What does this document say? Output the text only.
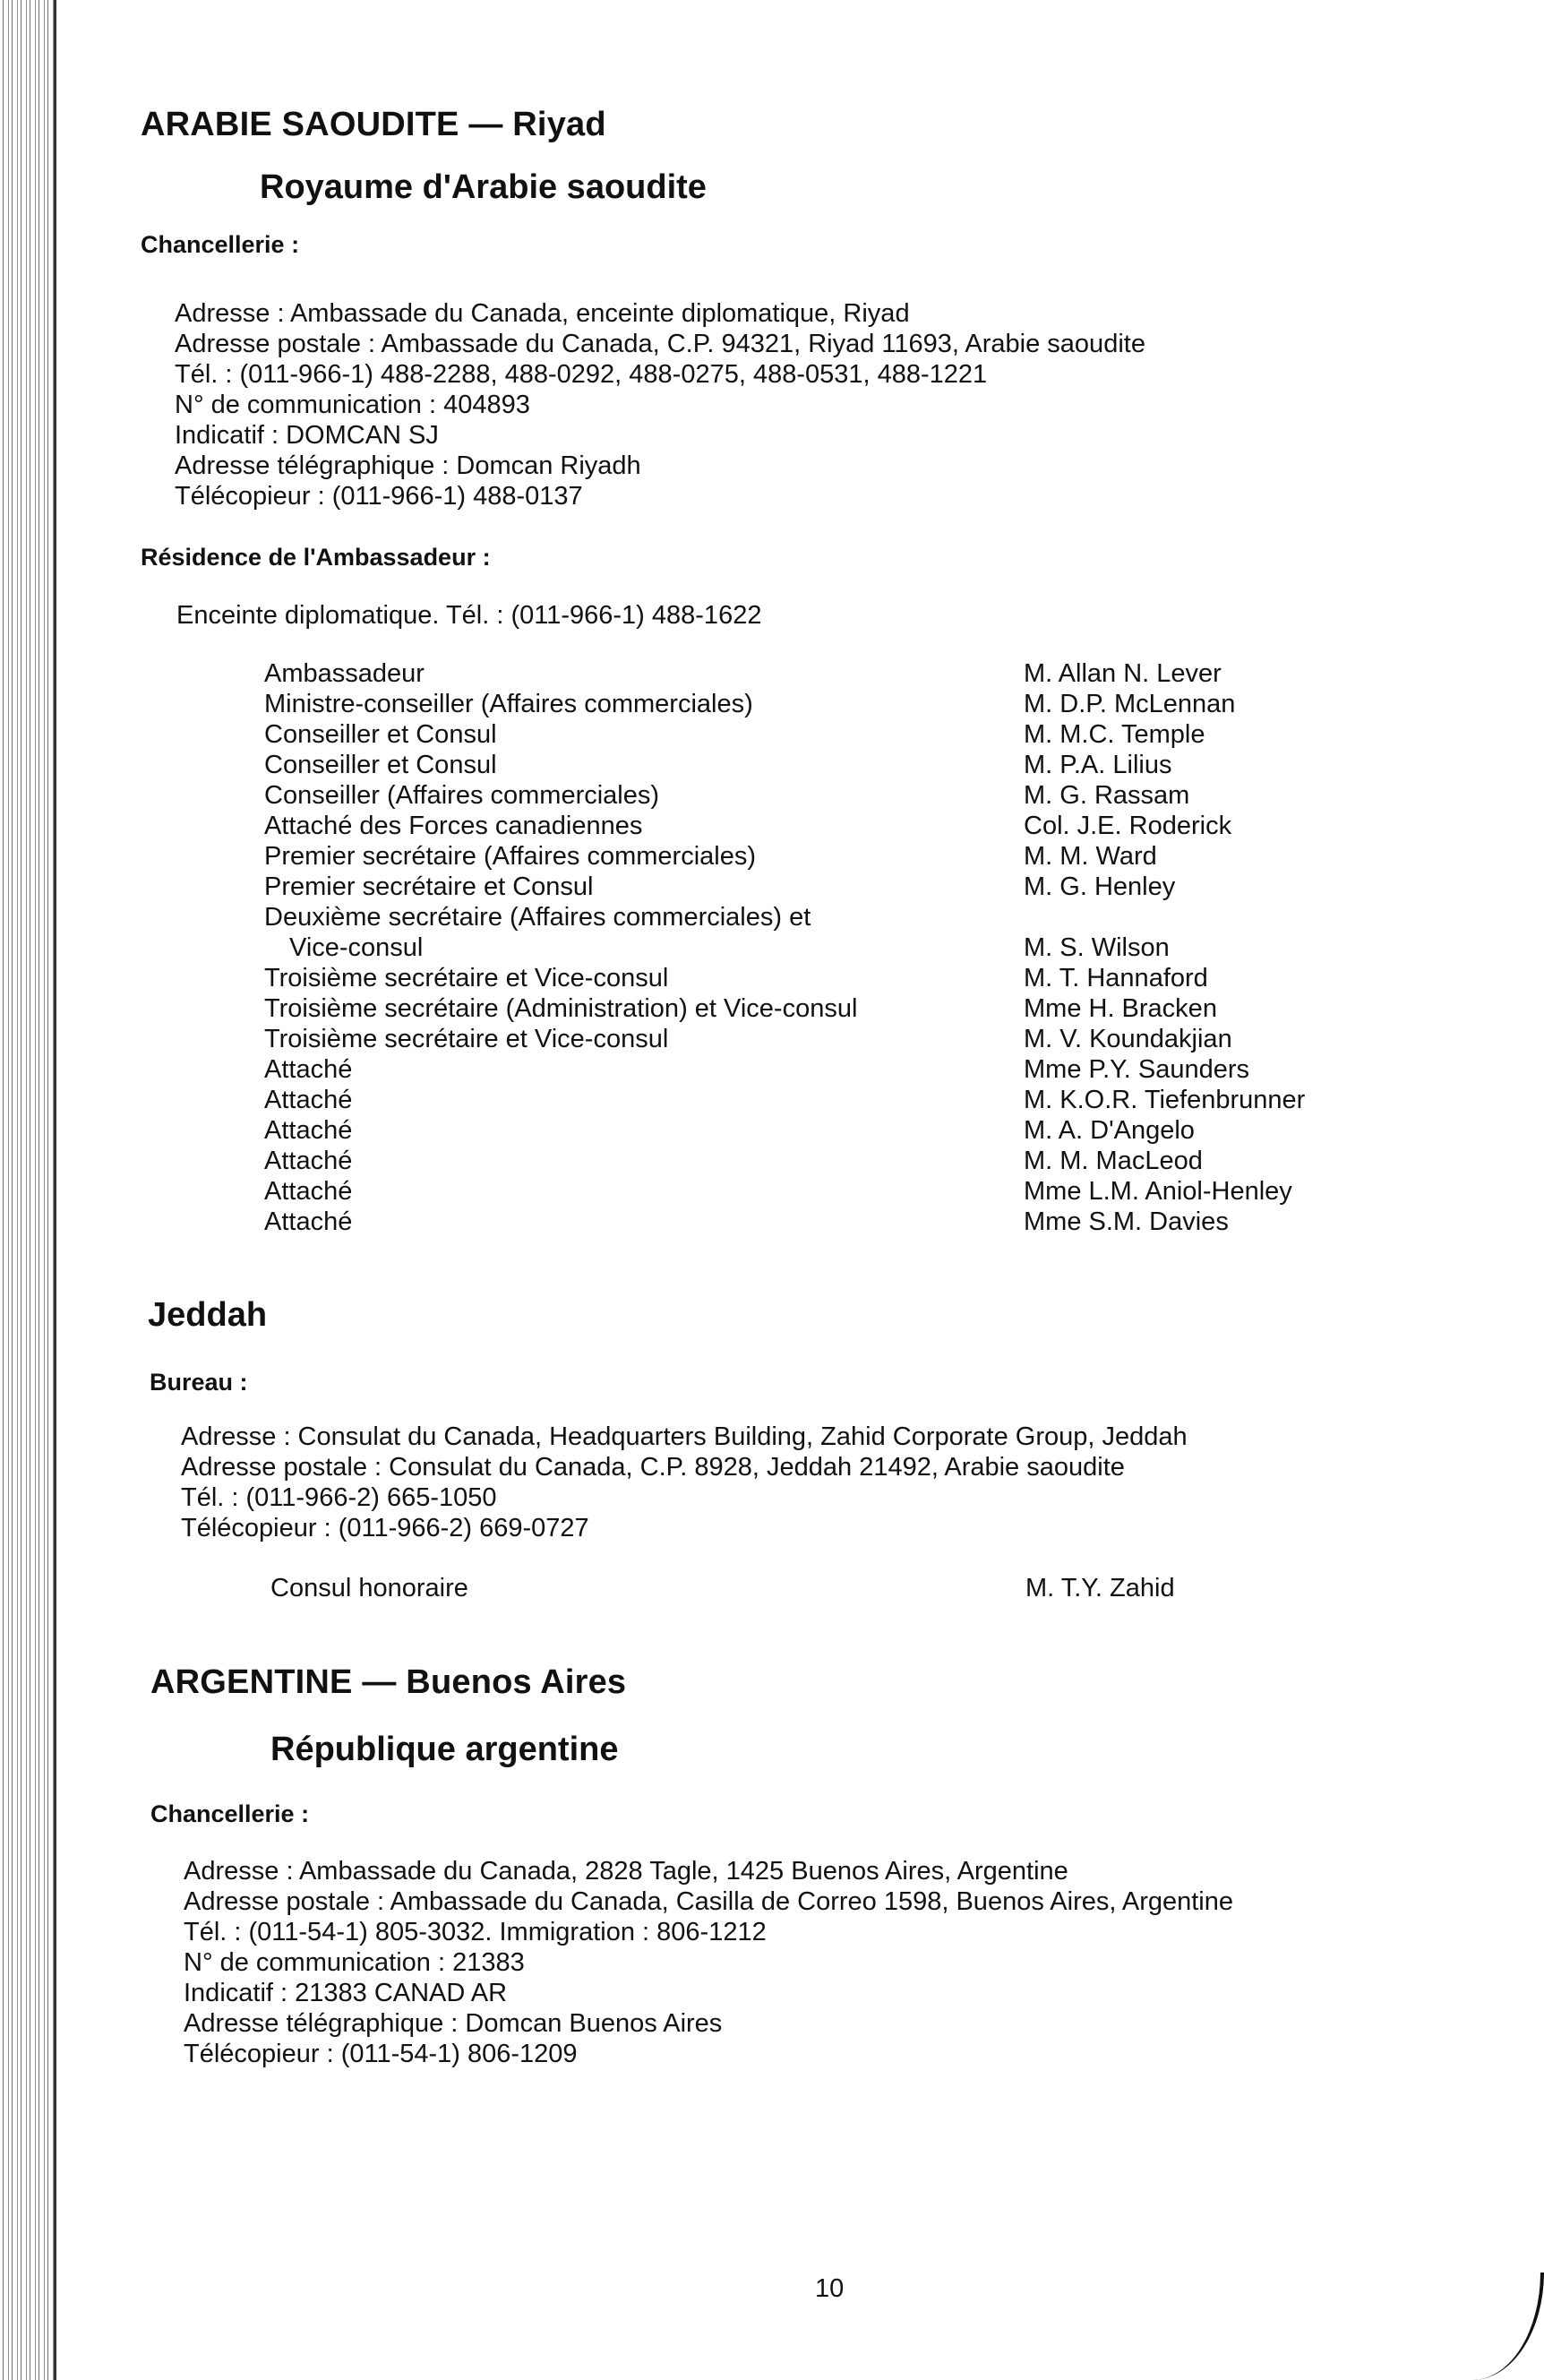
ARABIE SAOUDITE — Riyad
Royaume d'Arabie saoudite
Chancellerie :
Adresse : Ambassade du Canada, enceinte diplomatique, Riyad
Adresse postale : Ambassade du Canada, C.P. 94321, Riyad 11693, Arabie saoudite
Tél. : (011-966-1) 488-2288, 488-0292, 488-0275, 488-0531, 488-1221
N° de communication : 404893
Indicatif : DOMCAN SJ
Adresse télégraphique : Domcan Riyadh
Télécopieur : (011-966-1) 488-0137
Résidence de l'Ambassadeur :
Enceinte diplomatique. Tél. : (011-966-1) 488-1622
Ambassadeur	M. Allan N. Lever
Ministre-conseiller (Affaires commerciales)	M. D.P. McLennan
Conseiller et Consul	M. M.C. Temple
Conseiller et Consul	M. P.A. Lilius
Conseiller (Affaires commerciales)	M. G. Rassam
Attaché des Forces canadiennes	Col. J.E. Roderick
Premier secrétaire (Affaires commerciales)	M. M. Ward
Premier secrétaire et Consul	M. G. Henley
Deuxième secrétaire (Affaires commerciales) et
Vice-consul	M. S. Wilson
Troisième secrétaire et Vice-consul	M. T. Hannaford
Troisième secrétaire (Administration) et Vice-consul	Mme H. Bracken
Troisième secrétaire et Vice-consul	M. V. Koundakjian
Attaché	Mme P.Y. Saunders
Attaché	M. K.O.R. Tiefenbrunner
Attaché	M. A. D'Angelo
Attaché	M. M. MacLeod
Attaché	Mme L.M. Aniol-Henley
Attaché	Mme S.M. Davies
Jeddah
Bureau :
Adresse : Consulat du Canada, Headquarters Building, Zahid Corporate Group, Jeddah
Adresse postale : Consulat du Canada, C.P. 8928, Jeddah 21492, Arabie saoudite
Tél. : (011-966-2) 665-1050
Télécopieur : (011-966-2) 669-0727
Consul honoraire	M. T.Y. Zahid
ARGENTINE — Buenos Aires
République argentine
Chancellerie :
Adresse : Ambassade du Canada, 2828 Tagle, 1425 Buenos Aires, Argentine
Adresse postale : Ambassade du Canada, Casilla de Correo 1598, Buenos Aires, Argentine
Tél. : (011-54-1) 805-3032. Immigration : 806-1212
N° de communication : 21383
Indicatif : 21383 CANAD AR
Adresse télégraphique : Domcan Buenos Aires
Télécopieur : (011-54-1) 806-1209
10
